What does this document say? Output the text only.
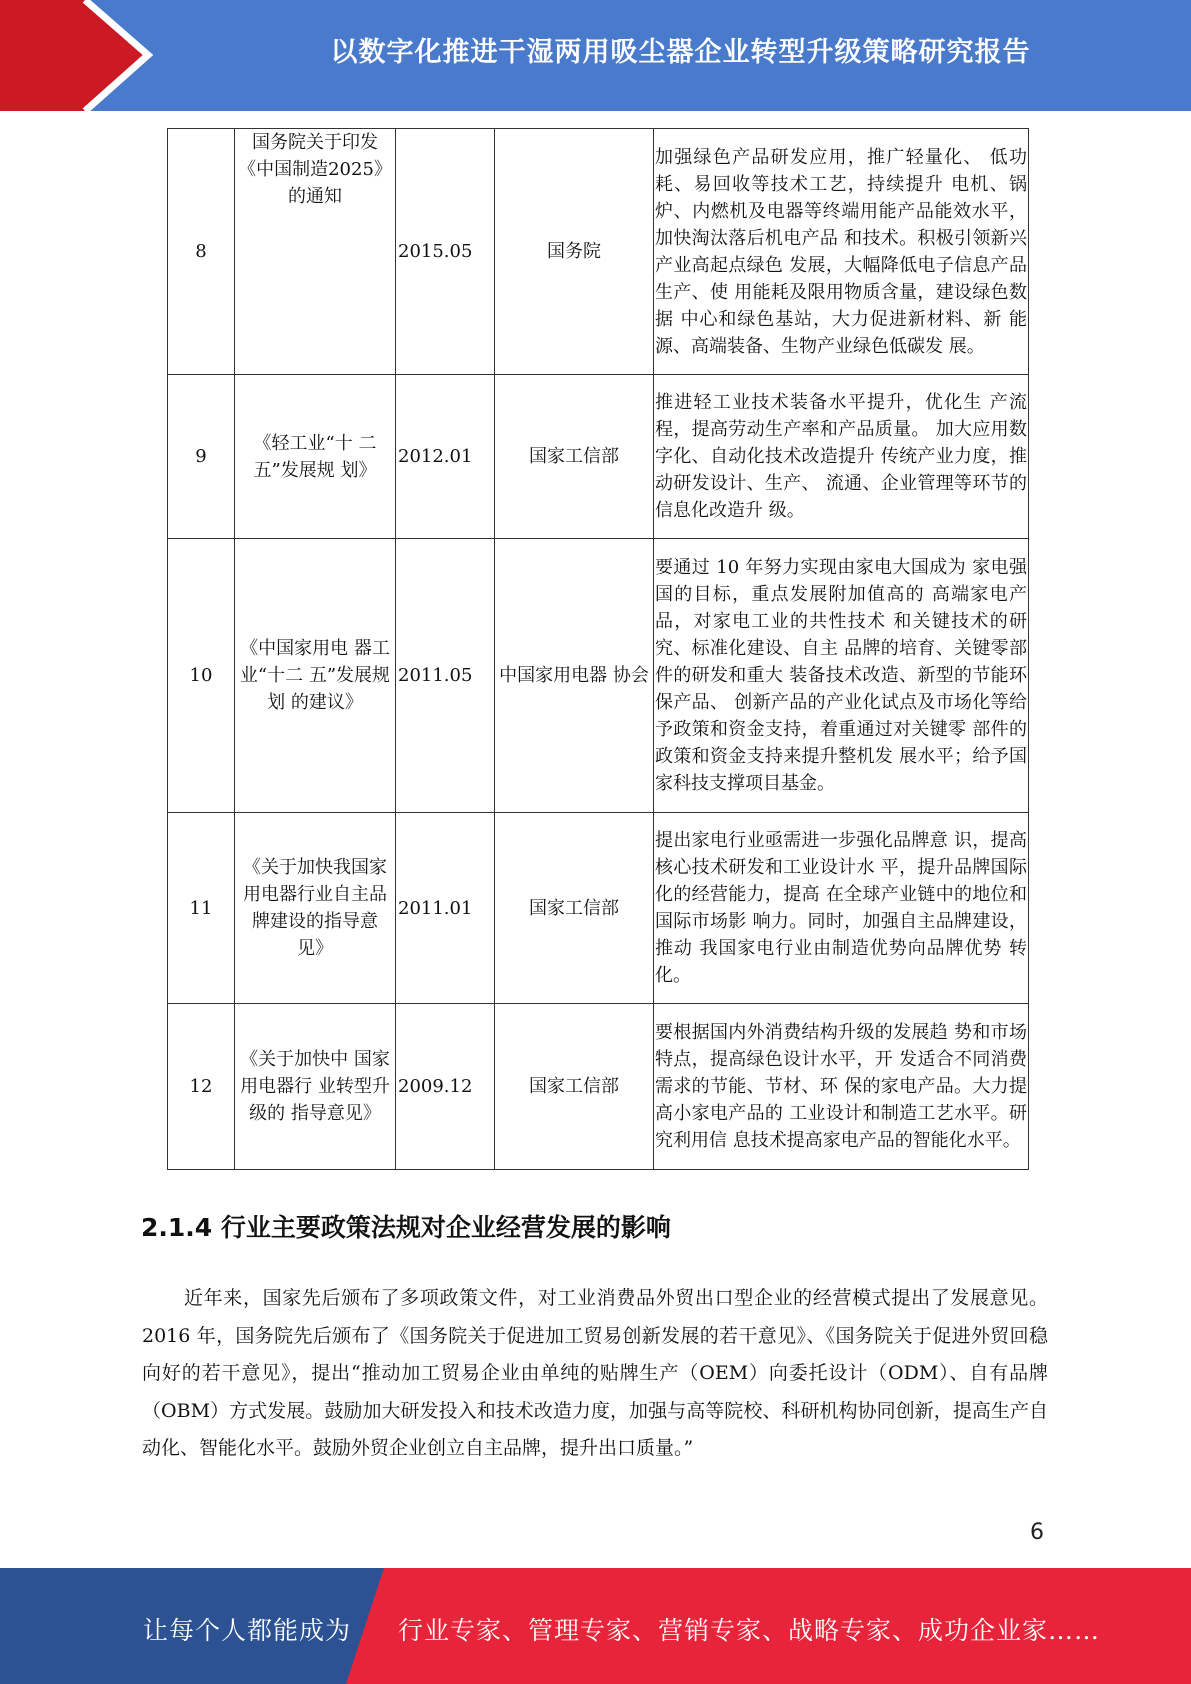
以数字化推进干湿两用吸尘器企业转型升级策略研究报告
8	国务院关于印发《中国制造2025》的通知	2015.05	国务院	加强绿色产品研发应用，推广轻量化、 低功耗、易回收等技术工艺，持续提升 电机、锅炉、内燃机及电器等终端用能产品能效水平，加快淘汰落后机电产品 和技术。积极引领新兴产业高起点绿色 发展，大幅降低电子信息产品生产、使 用能耗及限用物质含量，建设绿色数据 中心和绿色基站，大力促进新材料、新 能源、高端装备、生物产业绿色低碳发 展。
9	《轻工业“十 二五”发展规 划》	2012.01	国家工信部	推进轻工业技术装备水平提升，优化生 产流程，提高劳动生产率和产品质量。 加大应用数字化、自动化技术改造提升 传统产业力度，推动研发设计、生产、 流通、企业管理等环节的信息化改造升 级。
10	《中国家用电 器工业“十二 五”发展规划 的建议》	2011.05	中国家用电器 协会	要通过 10 年努力实现由家电大国成为 家电强国的目标，重点发展附加值高的 高端家电产品，对家电工业的共性技术 和关键技术的研究、标准化建设、自主 品牌的培育、关键零部件的研发和重大 装备技术改造、新型的节能环保产品、 创新产品的产业化试点及市场化等给 予政策和资金支持，着重通过对关键零 部件的政策和资金支持来提升整机发 展水平；给予国家科技支撑项目基金。
11	《关于加快我国家用电器行业自主品牌建设的指导意 见》	2011.01	国家工信部	提出家电行业亟需进一步强化品牌意 识，提高核心技术研发和工业设计水 平，提升品牌国际化的经营能力，提高 在全球产业链中的地位和国际市场影 响力。同时，加强自主品牌建设，推动 我国家电行业由制造优势向品牌优势 转化。
12	《关于加快中 国家用电器行 业转型升级的 指导意见》	2009.12	国家工信部	要根据国内外消费结构升级的发展趋 势和市场特点，提高绿色设计水平，开 发适合不同消费需求的节能、节材、环 保的家电产品。大力提高小家电产品的 工业设计和制造工艺水平。研究利用信 息技术提高家电产品的智能化水平。
2.1.4 行业主要政策法规对企业经营发展的影响

近年来，国家先后颁布了多项政策文件，对工业消费品外贸出口型企业的经营模式提出了发展意见。2016 年，国务院先后颁布了《国务院关于促进加工贸易创新发展的若干意见》、《国务院关于促进外贸回稳向好的若干意见》，提出“推动加工贸易企业由单纯的贴牌生产（OEM）向委托设计（ODM）、自有品牌（OBM）方式发展。鼓励加大研发投入和技术改造力度，加强与高等院校、科研机构协同创新，提高生产自动化、智能化水平。鼓励外贸企业创立自主品牌，提升出口质量。”

6
让每个人都能成为 行业专家、管理专家、营销专家、战略专家、成功企业家……
